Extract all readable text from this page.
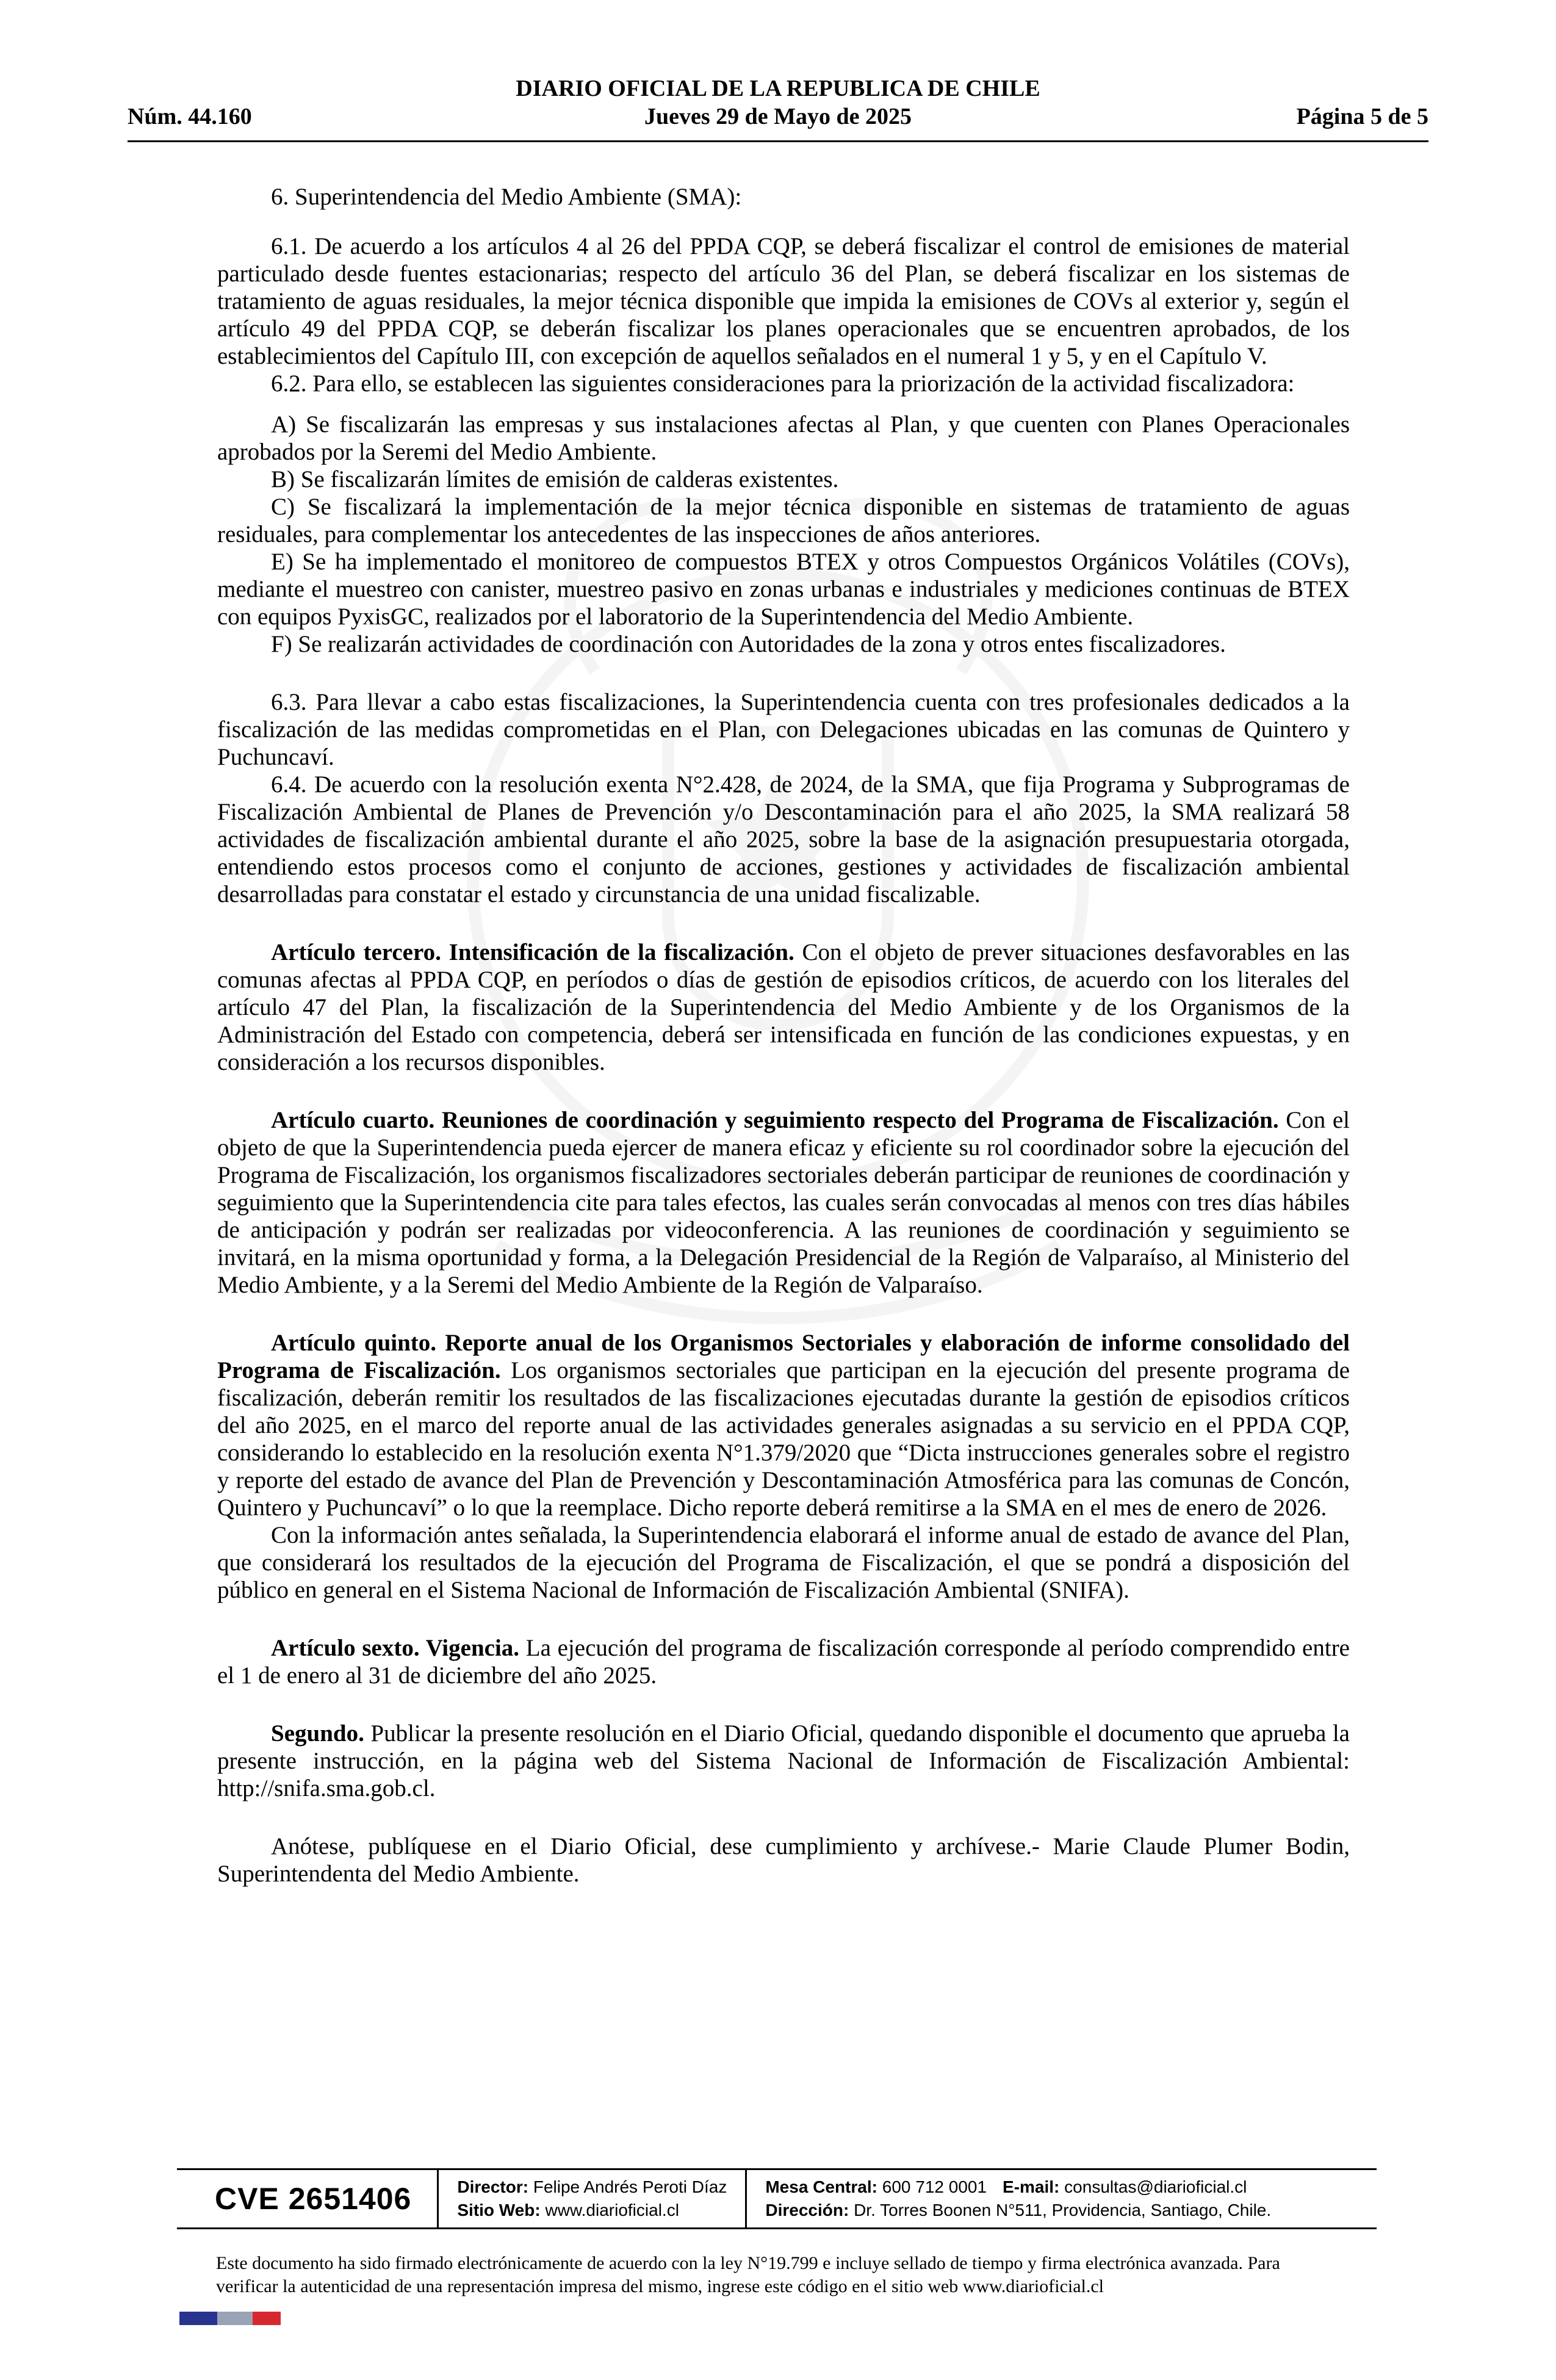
DIARIO OFICIAL DE LA REPUBLICA DE CHILE
Núm. 44.160	Jueves 29 de Mayo de 2025	Página 5 de 5

6. Superintendencia del Medio Ambiente (SMA):

6.1. De acuerdo a los artículos 4 al 26 del PPDA CQP, se deberá fiscalizar el control de emisiones de material particulado desde fuentes estacionarias; respecto del artículo 36 del Plan, se deberá fiscalizar en los sistemas de tratamiento de aguas residuales, la mejor técnica disponible que impida la emisiones de COVs al exterior y, según el artículo 49 del PPDA CQP, se deberán fiscalizar los planes operacionales que se encuentren aprobados, de los establecimientos del Capítulo III, con excepción de aquellos señalados en el numeral 1 y 5, y en el Capítulo V.

6.2. Para ello, se establecen las siguientes consideraciones para la priorización de la actividad fiscalizadora:

A) Se fiscalizarán las empresas y sus instalaciones afectas al Plan, y que cuenten con Planes Operacionales aprobados por la Seremi del Medio Ambiente.

B) Se fiscalizarán límites de emisión de calderas existentes.

C) Se fiscalizará la implementación de la mejor técnica disponible en sistemas de tratamiento de aguas residuales, para complementar los antecedentes de las inspecciones de años anteriores.

E) Se ha implementado el monitoreo de compuestos BTEX y otros Compuestos Orgánicos Volátiles (COVs), mediante el muestreo con canister, muestreo pasivo en zonas urbanas e industriales y mediciones continuas de BTEX con equipos PyxisGC, realizados por el laboratorio de la Superintendencia del Medio Ambiente.

F) Se realizarán actividades de coordinación con Autoridades de la zona y otros entes fiscalizadores.

6.3. Para llevar a cabo estas fiscalizaciones, la Superintendencia cuenta con tres profesionales dedicados a la fiscalización de las medidas comprometidas en el Plan, con Delegaciones ubicadas en las comunas de Quintero y Puchuncaví.

6.4. De acuerdo con la resolución exenta N°2.428, de 2024, de la SMA, que fija Programa y Subprogramas de Fiscalización Ambiental de Planes de Prevención y/o Descontaminación para el año 2025, la SMA realizará 58 actividades de fiscalización ambiental durante el año 2025, sobre la base de la asignación presupuestaria otorgada, entendiendo estos procesos como el conjunto de acciones, gestiones y actividades de fiscalización ambiental desarrolladas para constatar el estado y circunstancia de una unidad fiscalizable.

Artículo tercero. Intensificación de la fiscalización. Con el objeto de prever situaciones desfavorables en las comunas afectas al PPDA CQP, en períodos o días de gestión de episodios críticos, de acuerdo con los literales del artículo 47 del Plan, la fiscalización de la Superintendencia del Medio Ambiente y de los Organismos de la Administración del Estado con competencia, deberá ser intensificada en función de las condiciones expuestas, y en consideración a los recursos disponibles.

Artículo cuarto. Reuniones de coordinación y seguimiento respecto del Programa de Fiscalización. Con el objeto de que la Superintendencia pueda ejercer de manera eficaz y eficiente su rol coordinador sobre la ejecución del Programa de Fiscalización, los organismos fiscalizadores sectoriales deberán participar de reuniones de coordinación y seguimiento que la Superintendencia cite para tales efectos, las cuales serán convocadas al menos con tres días hábiles de anticipación y podrán ser realizadas por videoconferencia. A las reuniones de coordinación y seguimiento se invitará, en la misma oportunidad y forma, a la Delegación Presidencial de la Región de Valparaíso, al Ministerio del Medio Ambiente, y a la Seremi del Medio Ambiente de la Región de Valparaíso.

Artículo quinto. Reporte anual de los Organismos Sectoriales y elaboración de informe consolidado del Programa de Fiscalización. Los organismos sectoriales que participan en la ejecución del presente programa de fiscalización, deberán remitir los resultados de las fiscalizaciones ejecutadas durante la gestión de episodios críticos del año 2025, en el marco del reporte anual de las actividades generales asignadas a su servicio en el PPDA CQP, considerando lo establecido en la resolución exenta N°1.379/2020 que “Dicta instrucciones generales sobre el registro y reporte del estado de avance del Plan de Prevención y Descontaminación Atmosférica para las comunas de Concón, Quintero y Puchuncaví” o lo que la reemplace. Dicho reporte deberá remitirse a la SMA en el mes de enero de 2026.

Con la información antes señalada, la Superintendencia elaborará el informe anual de estado de avance del Plan, que considerará los resultados de la ejecución del Programa de Fiscalización, el que se pondrá a disposición del público en general en el Sistema Nacional de Información de Fiscalización Ambiental (SNIFA).

Artículo sexto. Vigencia. La ejecución del programa de fiscalización corresponde al período comprendido entre el 1 de enero al 31 de diciembre del año 2025.

Segundo. Publicar la presente resolución en el Diario Oficial, quedando disponible el documento que aprueba la presente instrucción, en la página web del Sistema Nacional de Información de Fiscalización Ambiental: http://snifa.sma.gob.cl.

Anótese, publíquese en el Diario Oficial, dese cumplimiento y archívese.- Marie Claude Plumer Bodin, Superintendenta del Medio Ambiente.

CVE 2651406	Director: Felipe Andrés Peroti Díaz
Sitio Web: www.diarioficial.cl
Mesa Central: 600 712 0001 E-mail: consultas@diarioficial.cl
Dirección: Dr. Torres Boonen N°511, Providencia, Santiago, Chile.
Este documento ha sido firmado electrónicamente de acuerdo con la ley N°19.799 e incluye sellado de tiempo y firma electrónica avanzada. Para verificar la autenticidad de una representación impresa del mismo, ingrese este código en el sitio web www.diarioficial.cl
